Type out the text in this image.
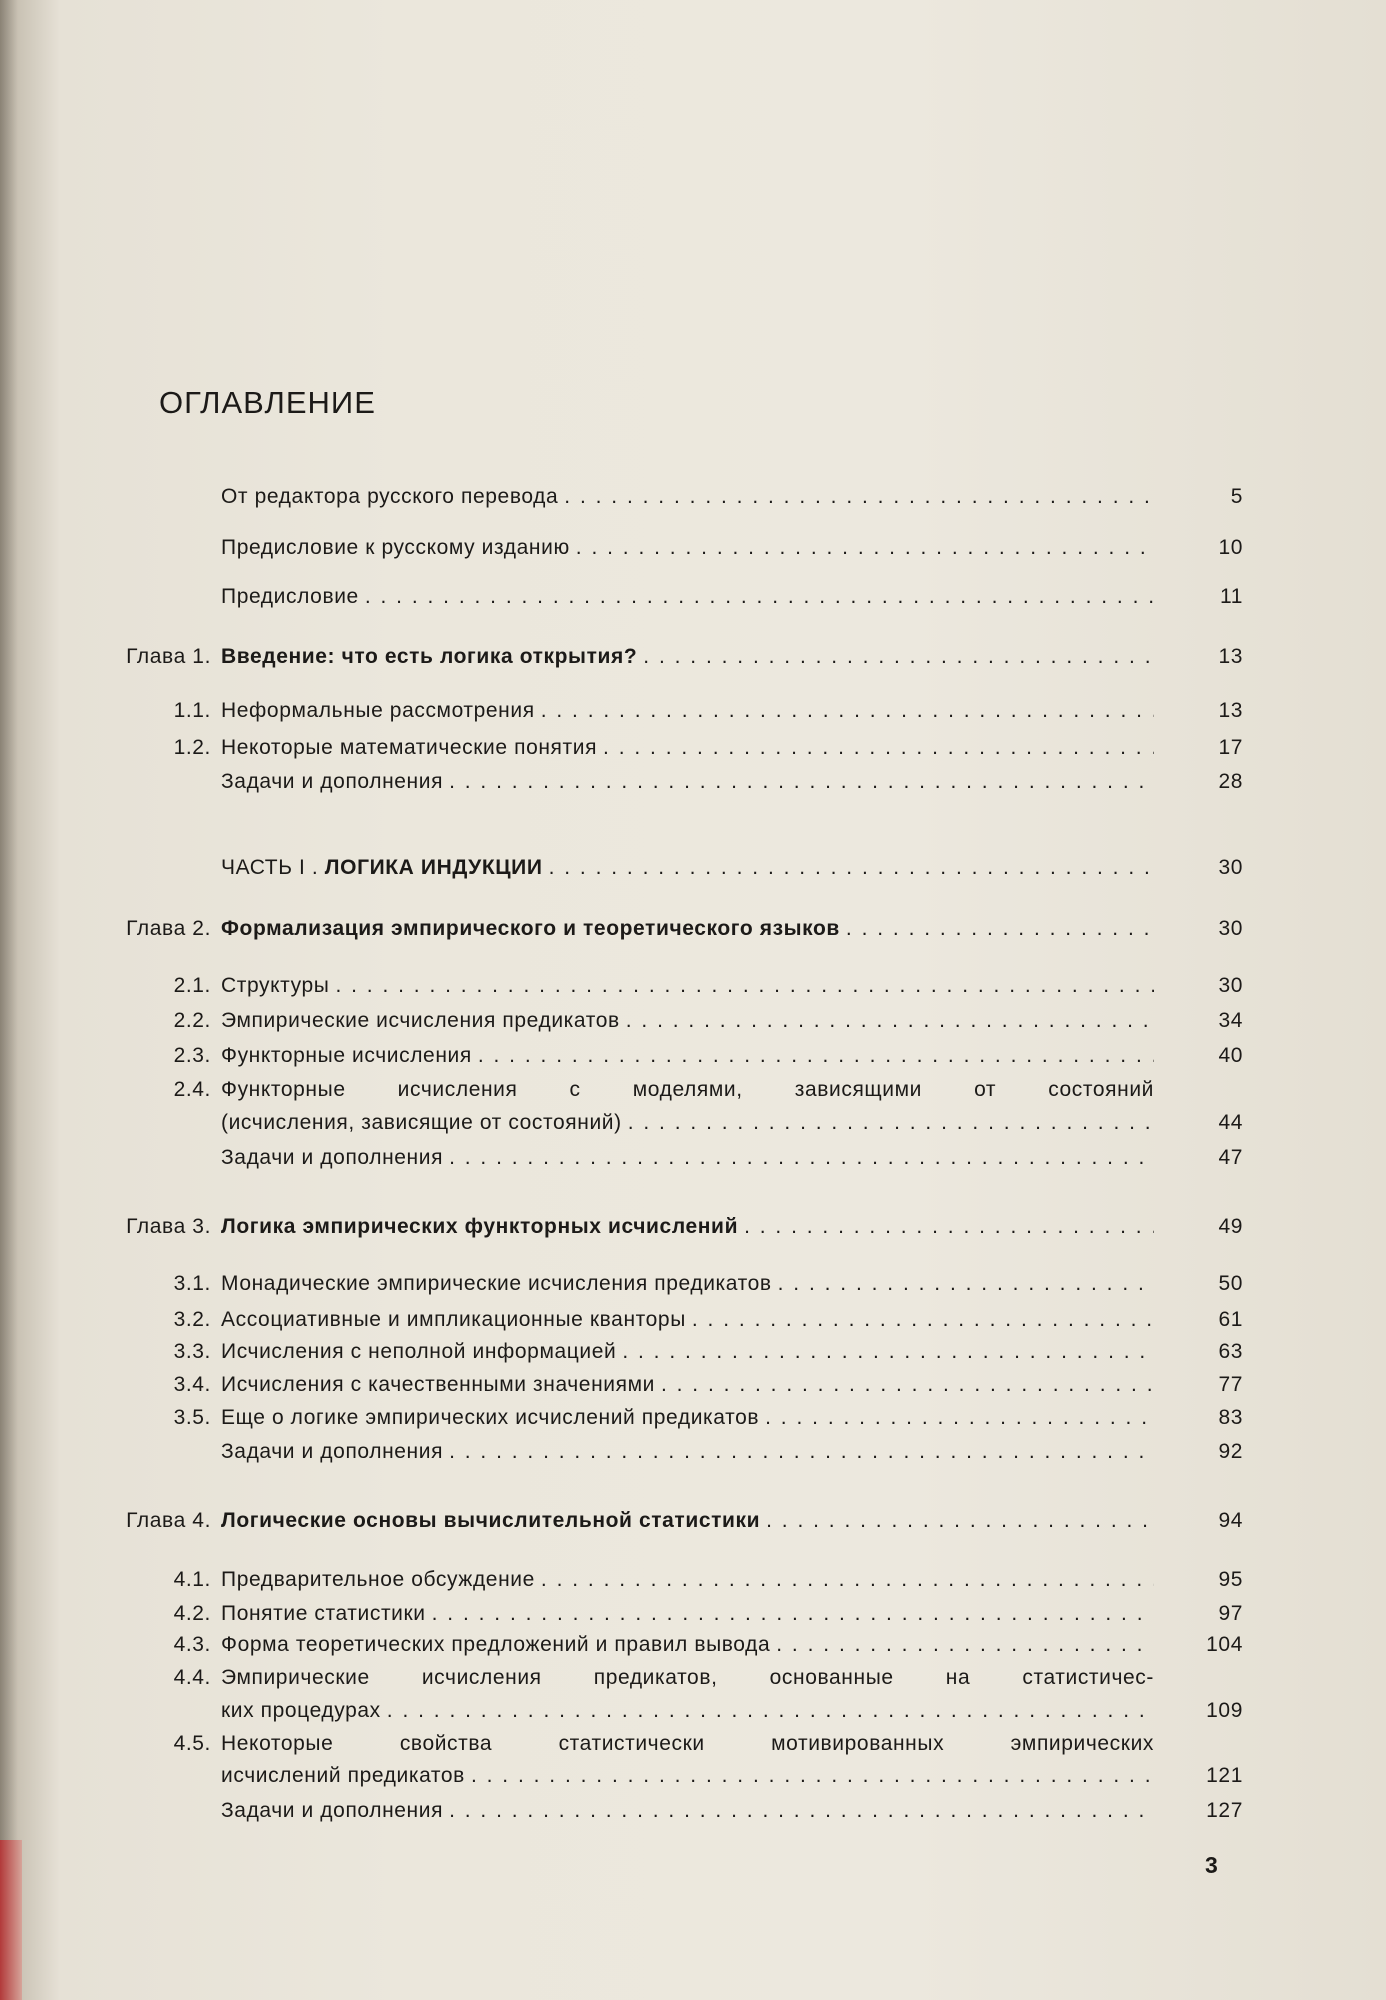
ОГЛАВЛЕНИЕ
От редактора русского перевода . . .	5
Предисловие к русскому изданию . . .	10
Предисловие . . .	11
Глава 1. Введение: что есть логика открытия? . . .	13
1.1. Неформальные рассмотрения . . .	13
1.2. Некоторые математические понятия . . .	17
Задачи и дополнения . . .	28
ЧАСТЬ I . ЛОГИКА ИНДУКЦИИ . . .	30
Глава 2. Формализация эмпирического и теоретического языков . . .	30
2.1. Структуры . . .	30
2.2. Эмпирические исчисления предикатов . . .	34
2.3. Функторные исчисления . . .	40
2.4. Функторные исчисления с моделями, зависящими от состояний
(исчисления, зависящие от состояний) . . .	44
Задачи и дополнения . . .	47
Глава 3. Логика эмпирических функторных исчислений . . .	49
3.1. Монадические эмпирические исчисления предикатов . . .	50
3.2. Ассоциативные и импликационные кванторы . . .	61
3.3. Исчисления с неполной информацией . . .	63
3.4. Исчисления с качественными значениями . . .	77
3.5. Еще о логике эмпирических исчислений предикатов . . .	83
Задачи и дополнения . . .	92
Глава 4. Логические основы вычислительной статистики . . .	94
4.1. Предварительное обсуждение . . .	95
4.2. Понятие статистики . . .	97
4.3. Форма теоретических предложений и правил вывода . . .	104
4.4. Эмпирические исчисления предикатов, основанные на статистичес-
ких процедурах . . .	109
4.5. Некоторые свойства статистически мотивированных эмпирических
исчислений предикатов . . .	121
Задачи и дополнения . . .	127
3
